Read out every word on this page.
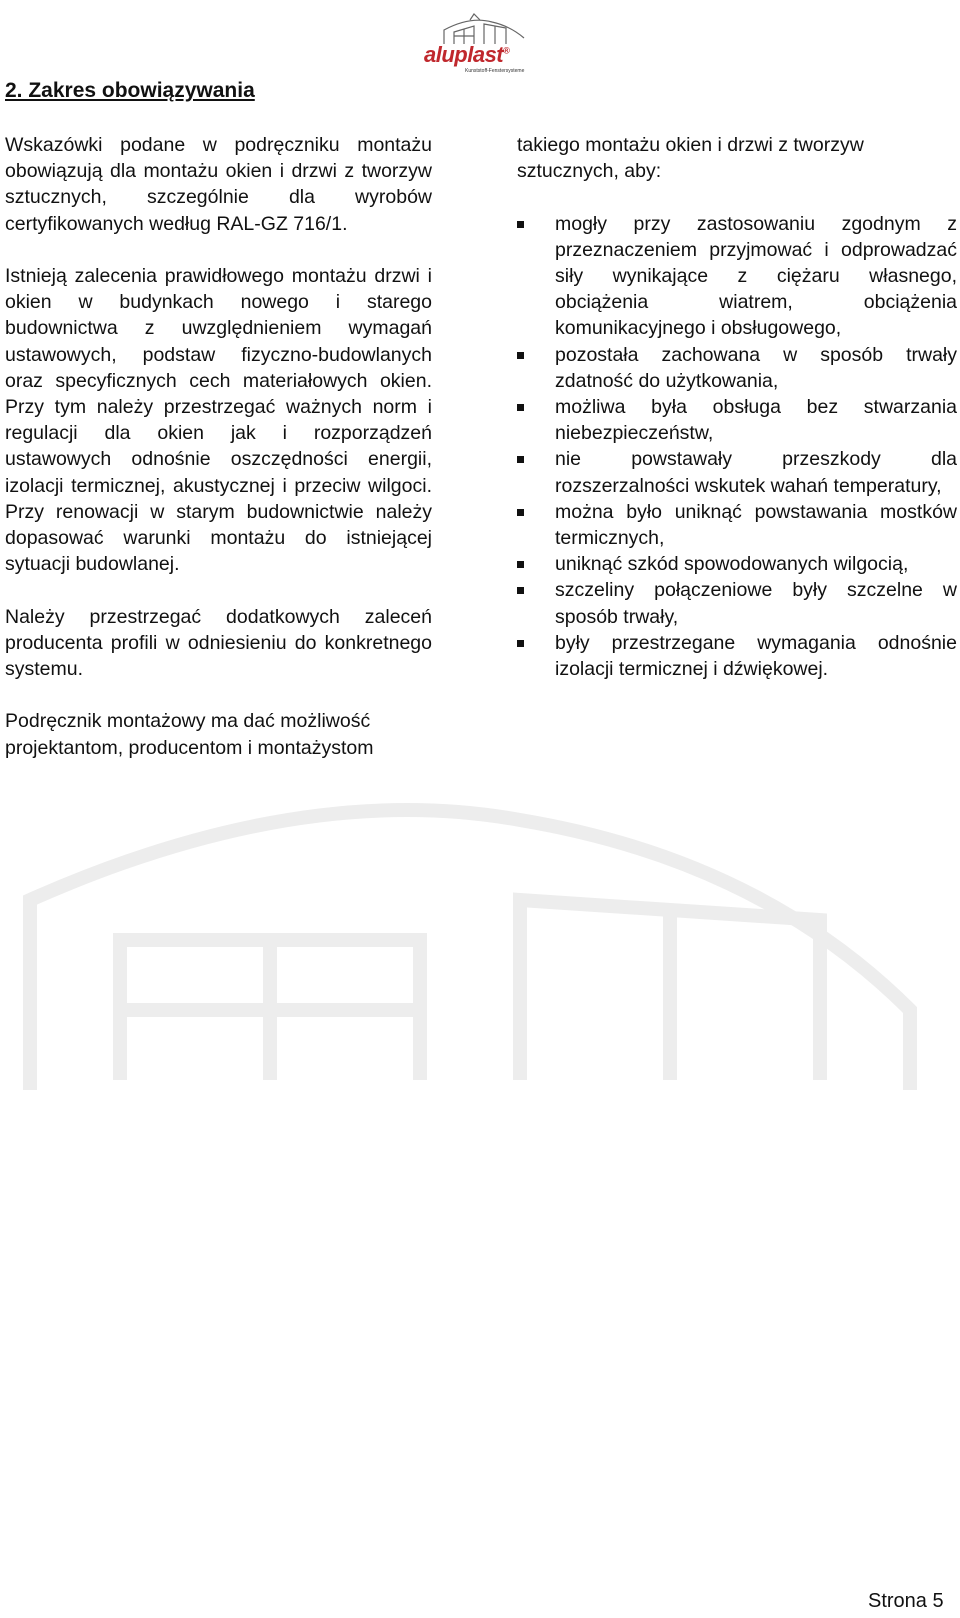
aluplast®
Kunststoff-Fenstersysteme
2. Zakres obowiązywania

Wskazówki podane w podręczniku montażu obowiązują dla montażu okien i drzwi z tworzyw sztucznych, szczególnie dla wyrobów certyfikowanych według RAL-GZ 716/1.

Istnieją zalecenia prawidłowego montażu drzwi i okien w budynkach nowego i starego budownictwa z uwzględnieniem wymagań ustawowych, podstaw fizyczno-budowlanych oraz specyficznych cech materiałowych okien. Przy tym należy przestrzegać ważnych norm i regulacji dla okien jak i rozporządzeń ustawowych odnośnie oszczędności energii, izolacji termicznej, akustycznej i przeciw wilgoci. Przy renowacji w starym budownictwie należy dopasować warunki montażu do istniejącej sytuacji budowlanej.

Należy przestrzegać dodatkowych zaleceń producenta profili w odniesieniu do konkretnego systemu.

Podręcznik montażowy ma dać możliwość projektantom, producentom i montażystom

takiego montażu okien i drzwi z tworzyw sztucznych, aby:

mogły przy zastosowaniu zgodnym z przeznaczeniem przyjmować i odprowadzać siły wynikające z ciężaru własnego, obciążenia wiatrem, obciążenia komunikacyjnego i obsługowego,
pozostała zachowana w sposób trwały zdatność do użytkowania,
możliwa była obsługa bez stwarzania niebezpieczeństw,
nie powstawały przeszkody dla rozszerzalności wskutek wahań temperatury,
można było uniknąć powstawania mostków termicznych,
uniknąć szkód spowodowanych wilgocią,
szczeliny połączeniowe były szczelne w sposób trwały,
były przestrzegane wymagania odnośnie izolacji termicznej i dźwiękowej.
Strona 5
